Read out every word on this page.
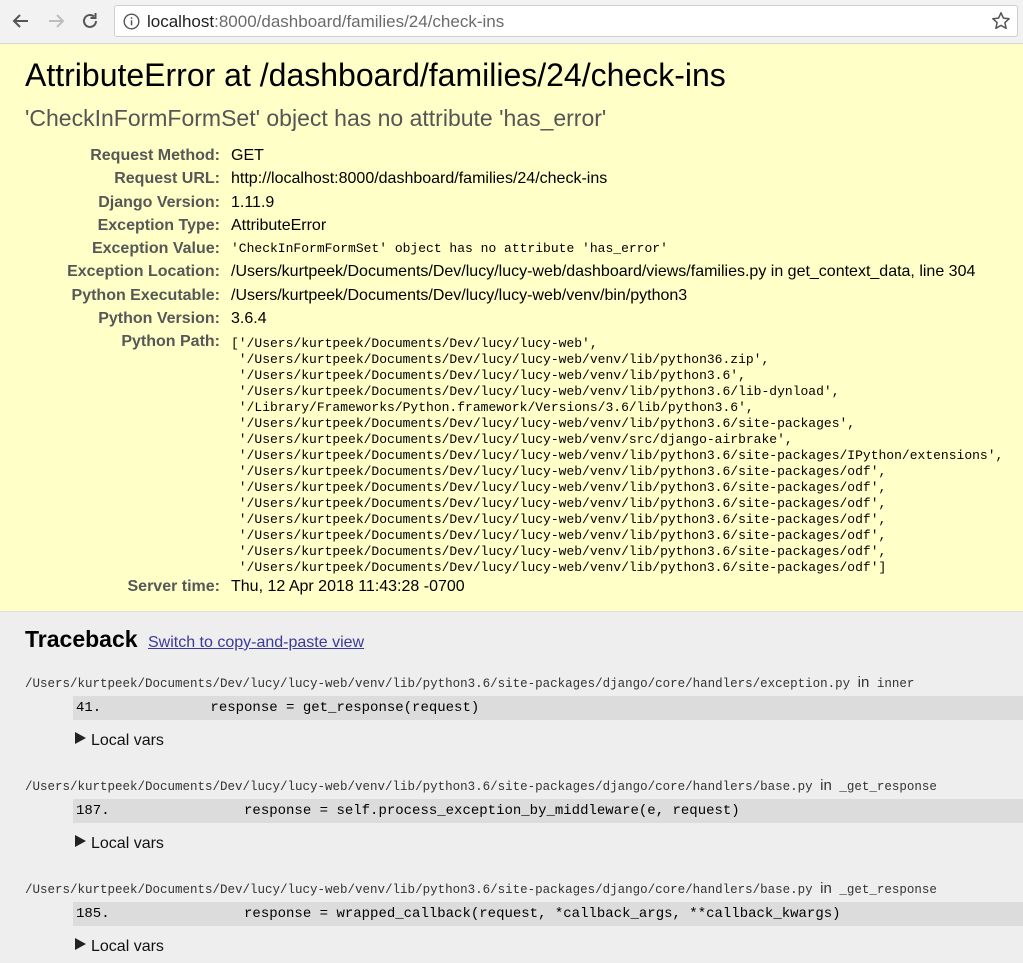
localhost:8000/dashboard/families/24/check-ins
AttributeError at /dashboard/families/24/check-ins
'CheckInFormFormSet' object has no attribute 'has_error'
Request Method: GET
Request URL: http://localhost:8000/dashboard/families/24/check-ins
Django Version: 1.11.9
Exception Type: AttributeError
Exception Value: 'CheckInFormFormSet' object has no attribute 'has_error'
Exception Location: /Users/kurtpeek/Documents/Dev/lucy/lucy-web/dashboard/views/families.py in get_context_data, line 304
Python Executable: /Users/kurtpeek/Documents/Dev/lucy/lucy-web/venv/bin/python3
Python Version: 3.6.4
Python Path: ['/Users/kurtpeek/Documents/Dev/lucy/lucy-web',
'/Users/kurtpeek/Documents/Dev/lucy/lucy-web/venv/lib/python36.zip',
'/Users/kurtpeek/Documents/Dev/lucy/lucy-web/venv/lib/python3.6',
'/Users/kurtpeek/Documents/Dev/lucy/lucy-web/venv/lib/python3.6/lib-dynload',
'/Library/Frameworks/Python.framework/Versions/3.6/lib/python3.6',
'/Users/kurtpeek/Documents/Dev/lucy/lucy-web/venv/lib/python3.6/site-packages',
'/Users/kurtpeek/Documents/Dev/lucy/lucy-web/venv/src/django-airbrake',
'/Users/kurtpeek/Documents/Dev/lucy/lucy-web/venv/lib/python3.6/site-packages/IPython/extensions',
'/Users/kurtpeek/Documents/Dev/lucy/lucy-web/venv/lib/python3.6/site-packages/odf',
'/Users/kurtpeek/Documents/Dev/lucy/lucy-web/venv/lib/python3.6/site-packages/odf',
'/Users/kurtpeek/Documents/Dev/lucy/lucy-web/venv/lib/python3.6/site-packages/odf',
'/Users/kurtpeek/Documents/Dev/lucy/lucy-web/venv/lib/python3.6/site-packages/odf',
'/Users/kurtpeek/Documents/Dev/lucy/lucy-web/venv/lib/python3.6/site-packages/odf',
'/Users/kurtpeek/Documents/Dev/lucy/lucy-web/venv/lib/python3.6/site-packages/odf',
'/Users/kurtpeek/Documents/Dev/lucy/lucy-web/venv/lib/python3.6/site-packages/odf']
Server time: Thu, 12 Apr 2018 11:43:28 -0700
Traceback Switch to copy-and-paste view
/Users/kurtpeek/Documents/Dev/lucy/lucy-web/venv/lib/python3.6/site-packages/django/core/handlers/exception.py in inner
41.             response = get_response(request)
Local vars
/Users/kurtpeek/Documents/Dev/lucy/lucy-web/venv/lib/python3.6/site-packages/django/core/handlers/base.py in _get_response
187.                response = self.process_exception_by_middleware(e, request)
Local vars
/Users/kurtpeek/Documents/Dev/lucy/lucy-web/venv/lib/python3.6/site-packages/django/core/handlers/base.py in _get_response
185.                response = wrapped_callback(request, *callback_args, **callback_kwargs)
Local vars
